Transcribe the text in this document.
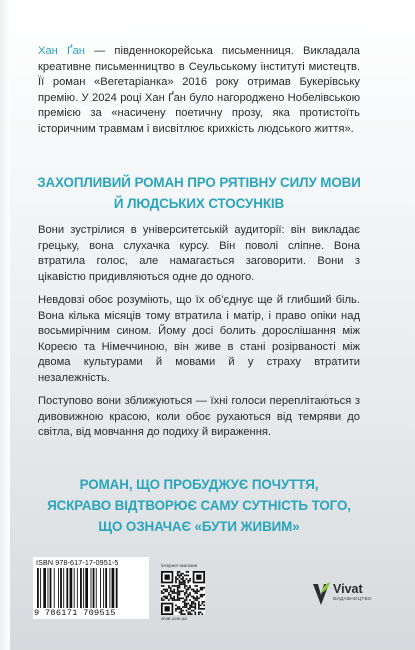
Хан Ґан — південнокорейська письменниця. Викладала креативне письменництво в Сеульському інституті мистецтв. Її роман «Вегетаріанка» 2016 року отримав Букерівську премію. У 2024 році Хан Ґан було нагороджено Нобелівською премією за «насичену поетичну прозу, яка протистоїть історичним травмам і висвітлює крихкість людського життя».

ЗАХОПЛИВИЙ РОМАН ПРО РЯТІВНУ СИЛУ МОВИ
Й ЛЮДСЬКИХ СТОСУНКІВ

Вони зустрілися в університетській аудиторії: він викладає грецьку, вона слухачка курсу. Він поволі сліпне. Вона втратила голос, але намагається заговорити. Вони з цікавістю придивляються одне до одного.

Невдовзі обоє розуміють, що їх об’єднує ще й глибший біль. Вона кілька місяців тому втратила і матір, і право опіки над восьмирічним сином. Йому досі болить дорослішання між Кореєю та Німеччиною, він живе в стані розірваності між двома культурами й мовами й у страху втратити незалежність.

Поступово вони зближуються — їхні голоси переплітаються з дивовижною красою, коли обоє рухаються від темряви до світла, від мовчання до подиху й вираження.

РОМАН, ЩО ПРОБУДЖУЄ ПОЧУТТЯ,
ЯСКРАВО ВІДТВОРЮЄ САМУ СУТНІСТЬ ТОГО,
ЩО ОЗНАЧАЄ «БУТИ ЖИВИМ»
ISBN 978-617-17-0951-5
9 786171 709515
інтернет-магазин
vivat.com.ua
Vivat
ВИДАВНИЦТВО
